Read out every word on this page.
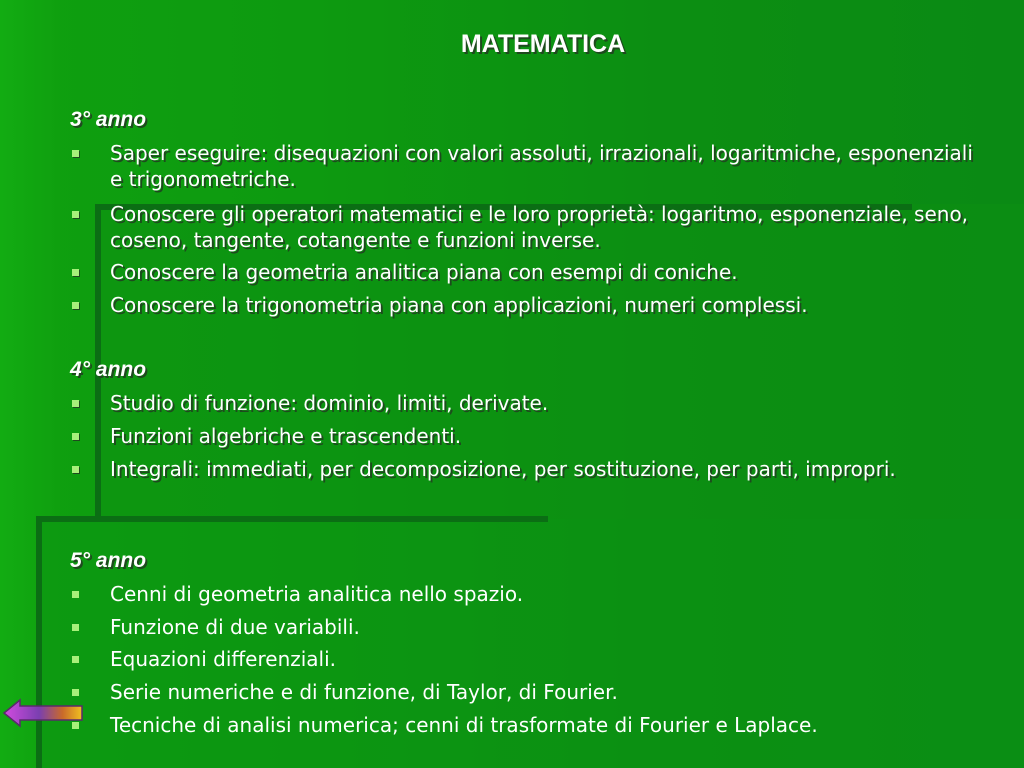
MATEMATICA
3° anno
Saper eseguire: disequazioni con valori assoluti, irrazionali, logaritmiche, esponenziali e trigonometriche.
Conoscere gli operatori matematici e le loro proprietà: logaritmo, esponenziale, seno, coseno, tangente, cotangente e funzioni inverse.
Conoscere la geometria analitica piana con esempi di coniche.
Conoscere la trigonometria piana con applicazioni, numeri complessi.
4° anno
Studio di funzione: dominio, limiti, derivate.
Funzioni algebriche e trascendenti.
Integrali: immediati, per decomposizione, per sostituzione, per parti, impropri.
5° anno
Cenni di geometria analitica nello spazio.
Funzione di due variabili.
Equazioni differenziali.
Serie numeriche e di funzione, di Taylor, di Fourier.
Tecniche di analisi numerica; cenni di trasformate di Fourier e Laplace.
